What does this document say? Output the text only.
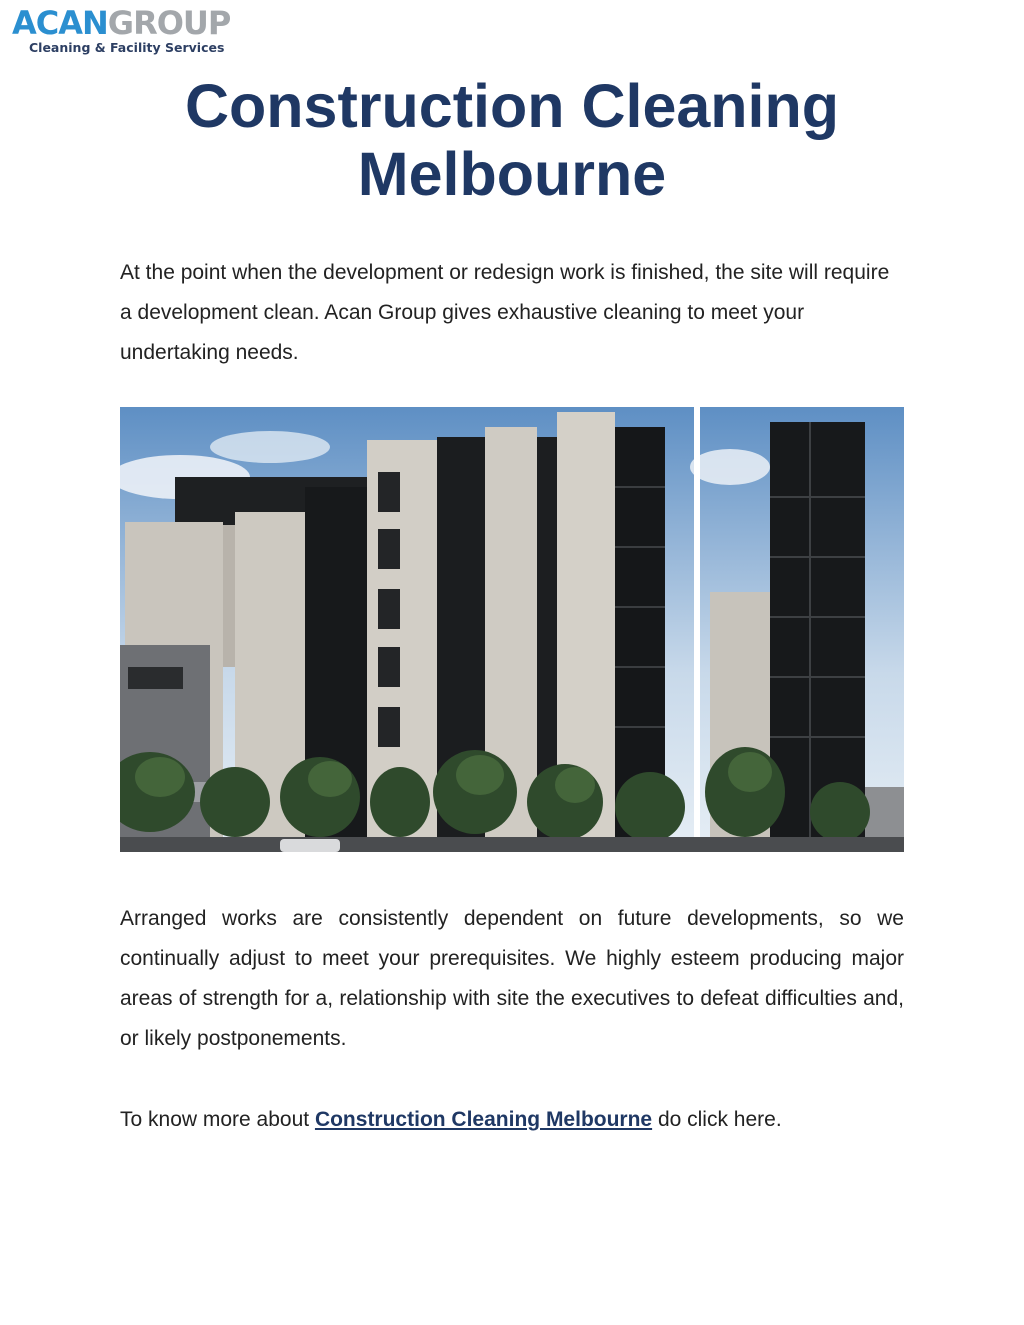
ACANGROUP
Cleaning & Facility Services
Construction Cleaning Melbourne

At the point when the development or redesign work is finished, the site will require a development clean. Acan Group gives exhaustive cleaning to meet your undertaking needs.

Arranged works are consistently dependent on future developments, so we continually adjust to meet your prerequisites. We highly esteem producing major areas of strength for a, relationship with site the executives to defeat difficulties and, or likely postponements.

To know more about Construction Cleaning Melbourne do click here.
